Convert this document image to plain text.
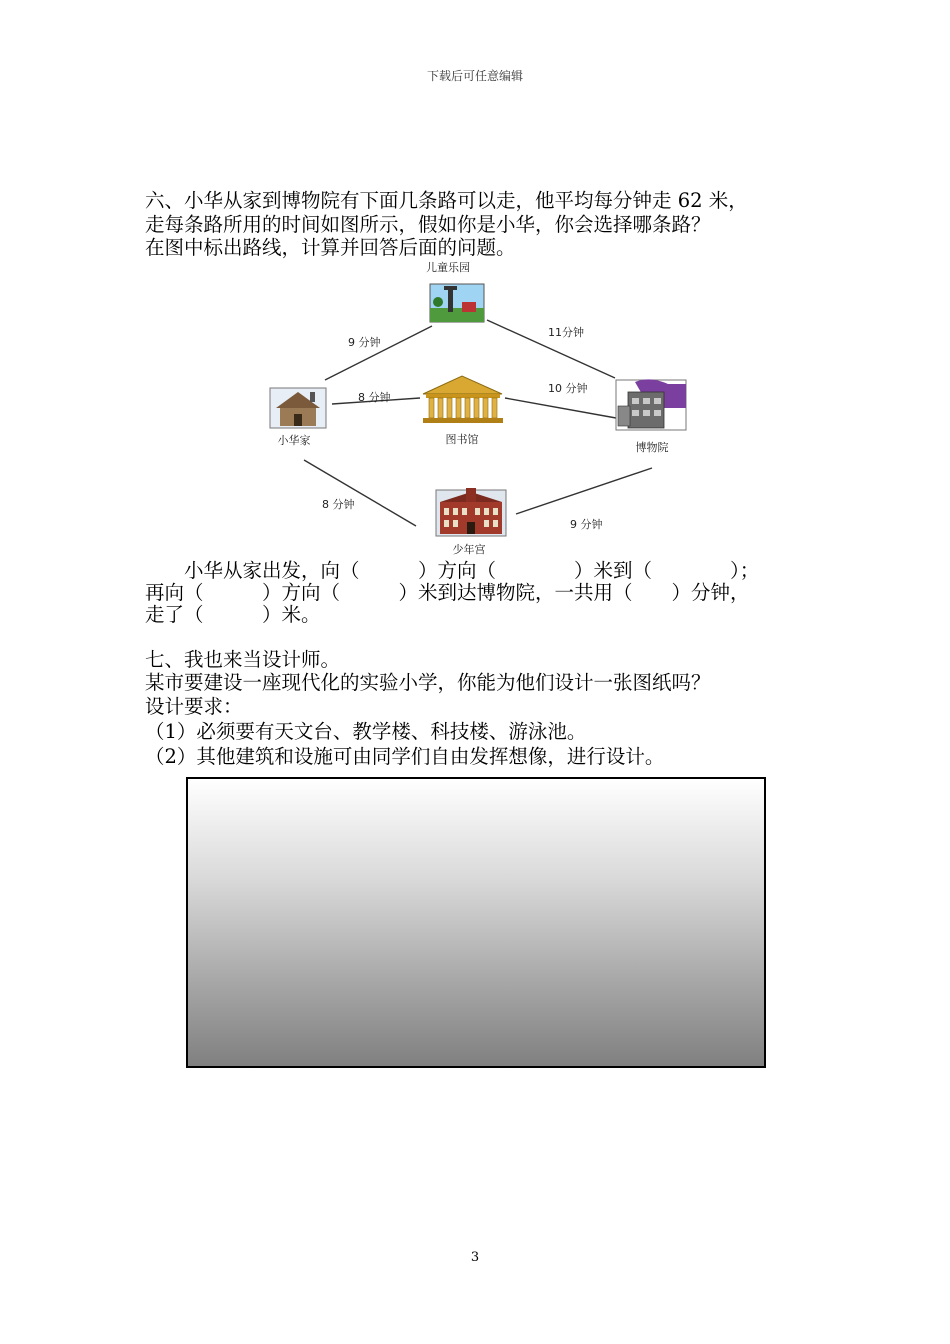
下载后可任意编辑
六、小华从家到博物院有下面几条路可以走，他平均每分钟走 62 米，
走每条路所用的时间如图所示，假如你是小华，你会选择哪条路？
在图中标出路线，计算并回答后面的问题。
儿童乐园
小华家	图书馆
博物院
少年宫
9 分钟
11分钟
8 分钟
10 分钟
8 分钟
9 分钟
　　小华从家出发，向（　　　）方向（　　　　）米到（　　　　）；
再向（　　　）方向（　　　）米到达博物院，一共用（　　）分钟，
走了（　　　）米。
七、我也来当设计师。
某市要建设一座现代化的实验小学，你能为他们设计一张图纸吗？
设计要求：
（1）必须要有天文台、教学楼、科技楼、游泳池。
（2）其他建筑和设施可由同学们自由发挥想像，进行设计。
3
